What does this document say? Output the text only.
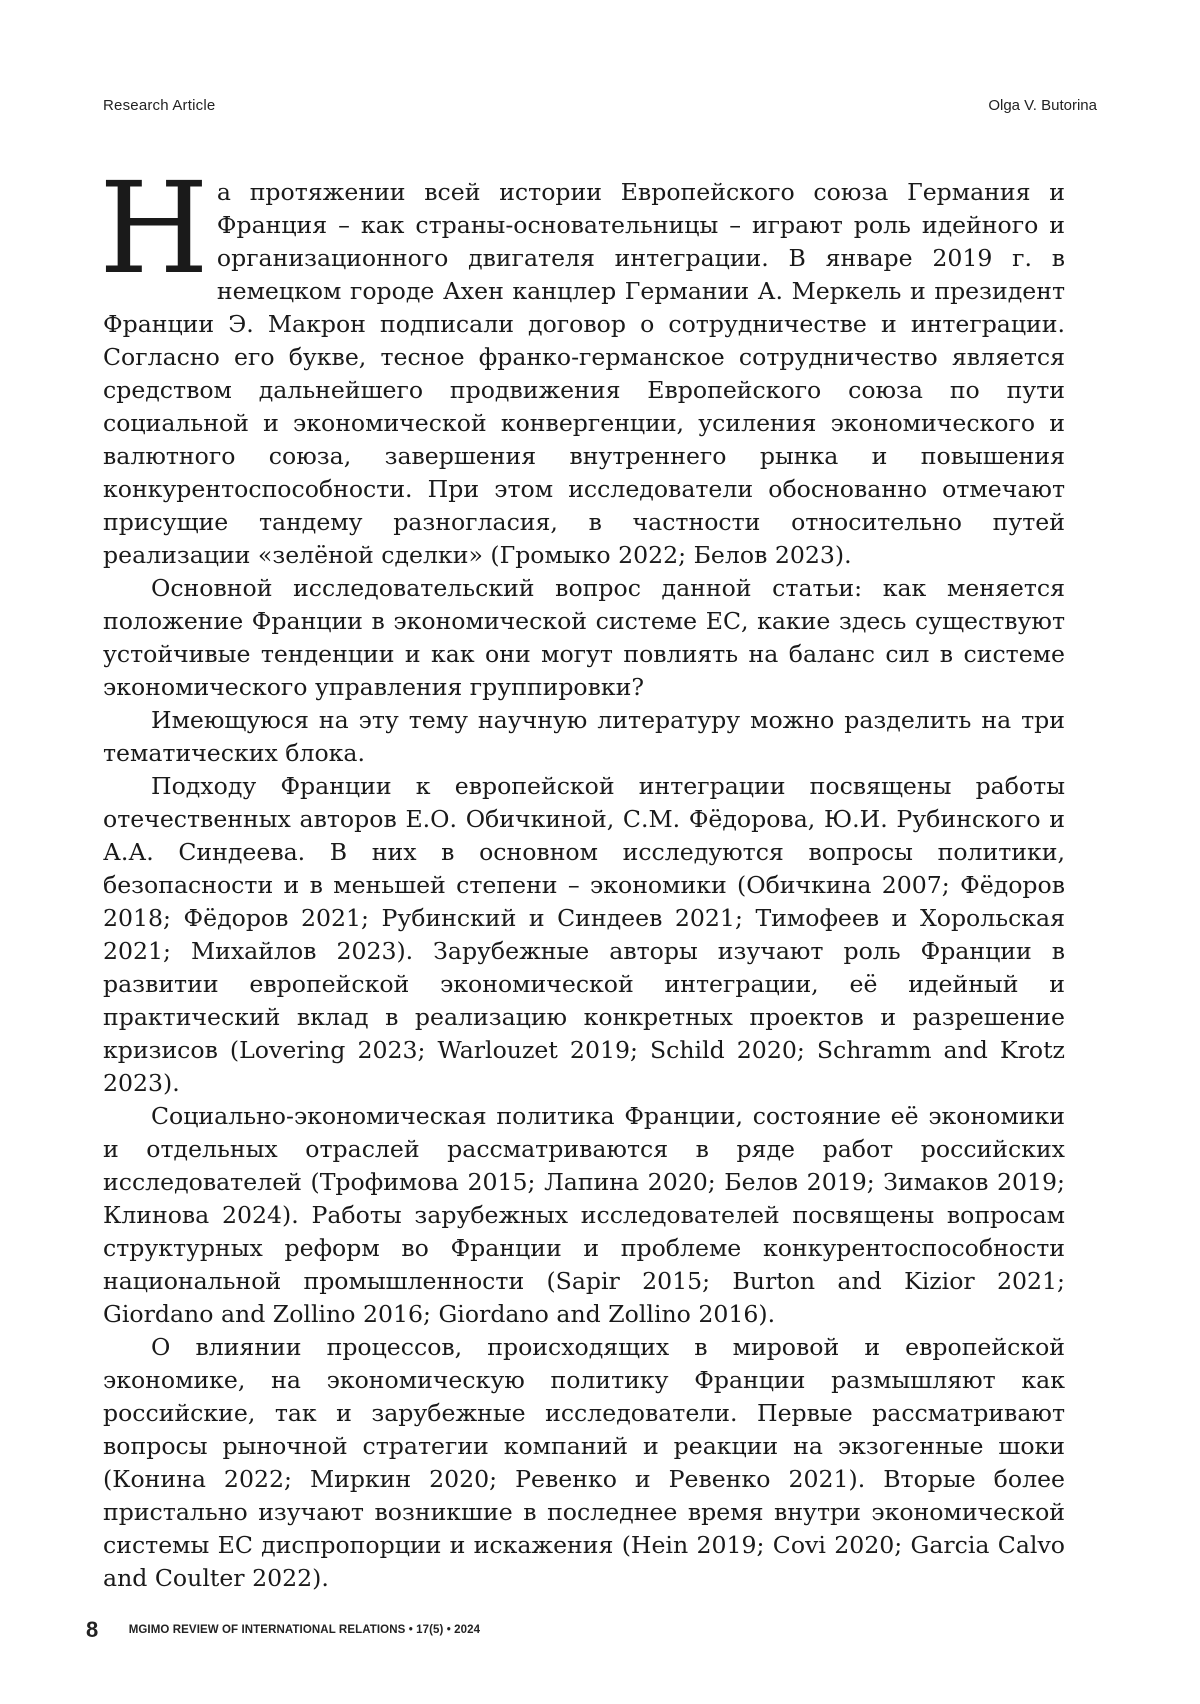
Research Article	Olga V. Butorina

На протяжении всей истории Европейского союза Германия и Франция – как страны-основательницы – играют роль идейного и организационного двигателя интеграции. В январе 2019 г. в немецком городе Ахен канцлер Германии А. Меркель и президент Франции Э. Макрон подписали договор о сотрудничестве и интеграции. Согласно его букве, тесное франко-германское сотрудничество является средством дальнейшего продвижения Европейского союза по пути социальной и экономической конвергенции, усиления экономического и валютного союза, завершения внутреннего рынка и повышения конкурентоспособности. При этом исследователи обоснованно отмечают присущие тандему разногласия, в частности относительно путей реализации «зелёной сделки» (Громыко 2022; Белов 2023).

Основной исследовательский вопрос данной статьи: как меняется положение Франции в экономической системе ЕС, какие здесь существуют устойчивые тенденции и как они могут повлиять на баланс сил в системе экономического управления группировки?

Имеющуюся на эту тему научную литературу можно разделить на три тематических блока.

Подходу Франции к европейской интеграции посвящены работы отечественных авторов Е.О. Обичкиной, С.М. Фёдорова, Ю.И. Рубинского и А.А. Синдеева. В них в основном исследуются вопросы политики, безопасности и в меньшей степени – экономики (Обичкина 2007; Фёдоров 2018; Фёдоров 2021; Рубинский и Синдеев 2021; Тимофеев и Хорольская 2021; Михайлов 2023). Зарубежные авторы изучают роль Франции в развитии европейской экономической интеграции, её идейный и практический вклад в реализацию конкретных проектов и разрешение кризисов (Lovering 2023; Warlouzet 2019; Schild 2020; Schramm and Krotz 2023).

Социально-экономическая политика Франции, состояние её экономики и отдельных отраслей рассматриваются в ряде работ российских исследователей (Трофимова 2015; Лапина 2020; Белов 2019; Зимаков 2019; Клинова 2024). Работы зарубежных исследователей посвящены вопросам структурных реформ во Франции и проблеме конкурентоспособности национальной промышленности (Sapir 2015; Burton and Kizior 2021; Giordano and Zollino 2016; Giordano and Zollino 2016).

О влиянии процессов, происходящих в мировой и европейской экономике, на экономическую политику Франции размышляют как российские, так и зарубежные исследователи. Первые рассматривают вопросы рыночной стратегии компаний и реакции на экзогенные шоки (Конина 2022; Миркин 2020; Ревенко и Ревенко 2021). Вторые более пристально изучают возникшие в последнее время внутри экономической системы ЕС диспропорции и искажения (Hein 2019; Covi 2020; Garcia Calvo and Coulter 2022).

8	MGIMO REVIEW OF INTERNATIONAL RELATIONS • 17(5) • 2024
